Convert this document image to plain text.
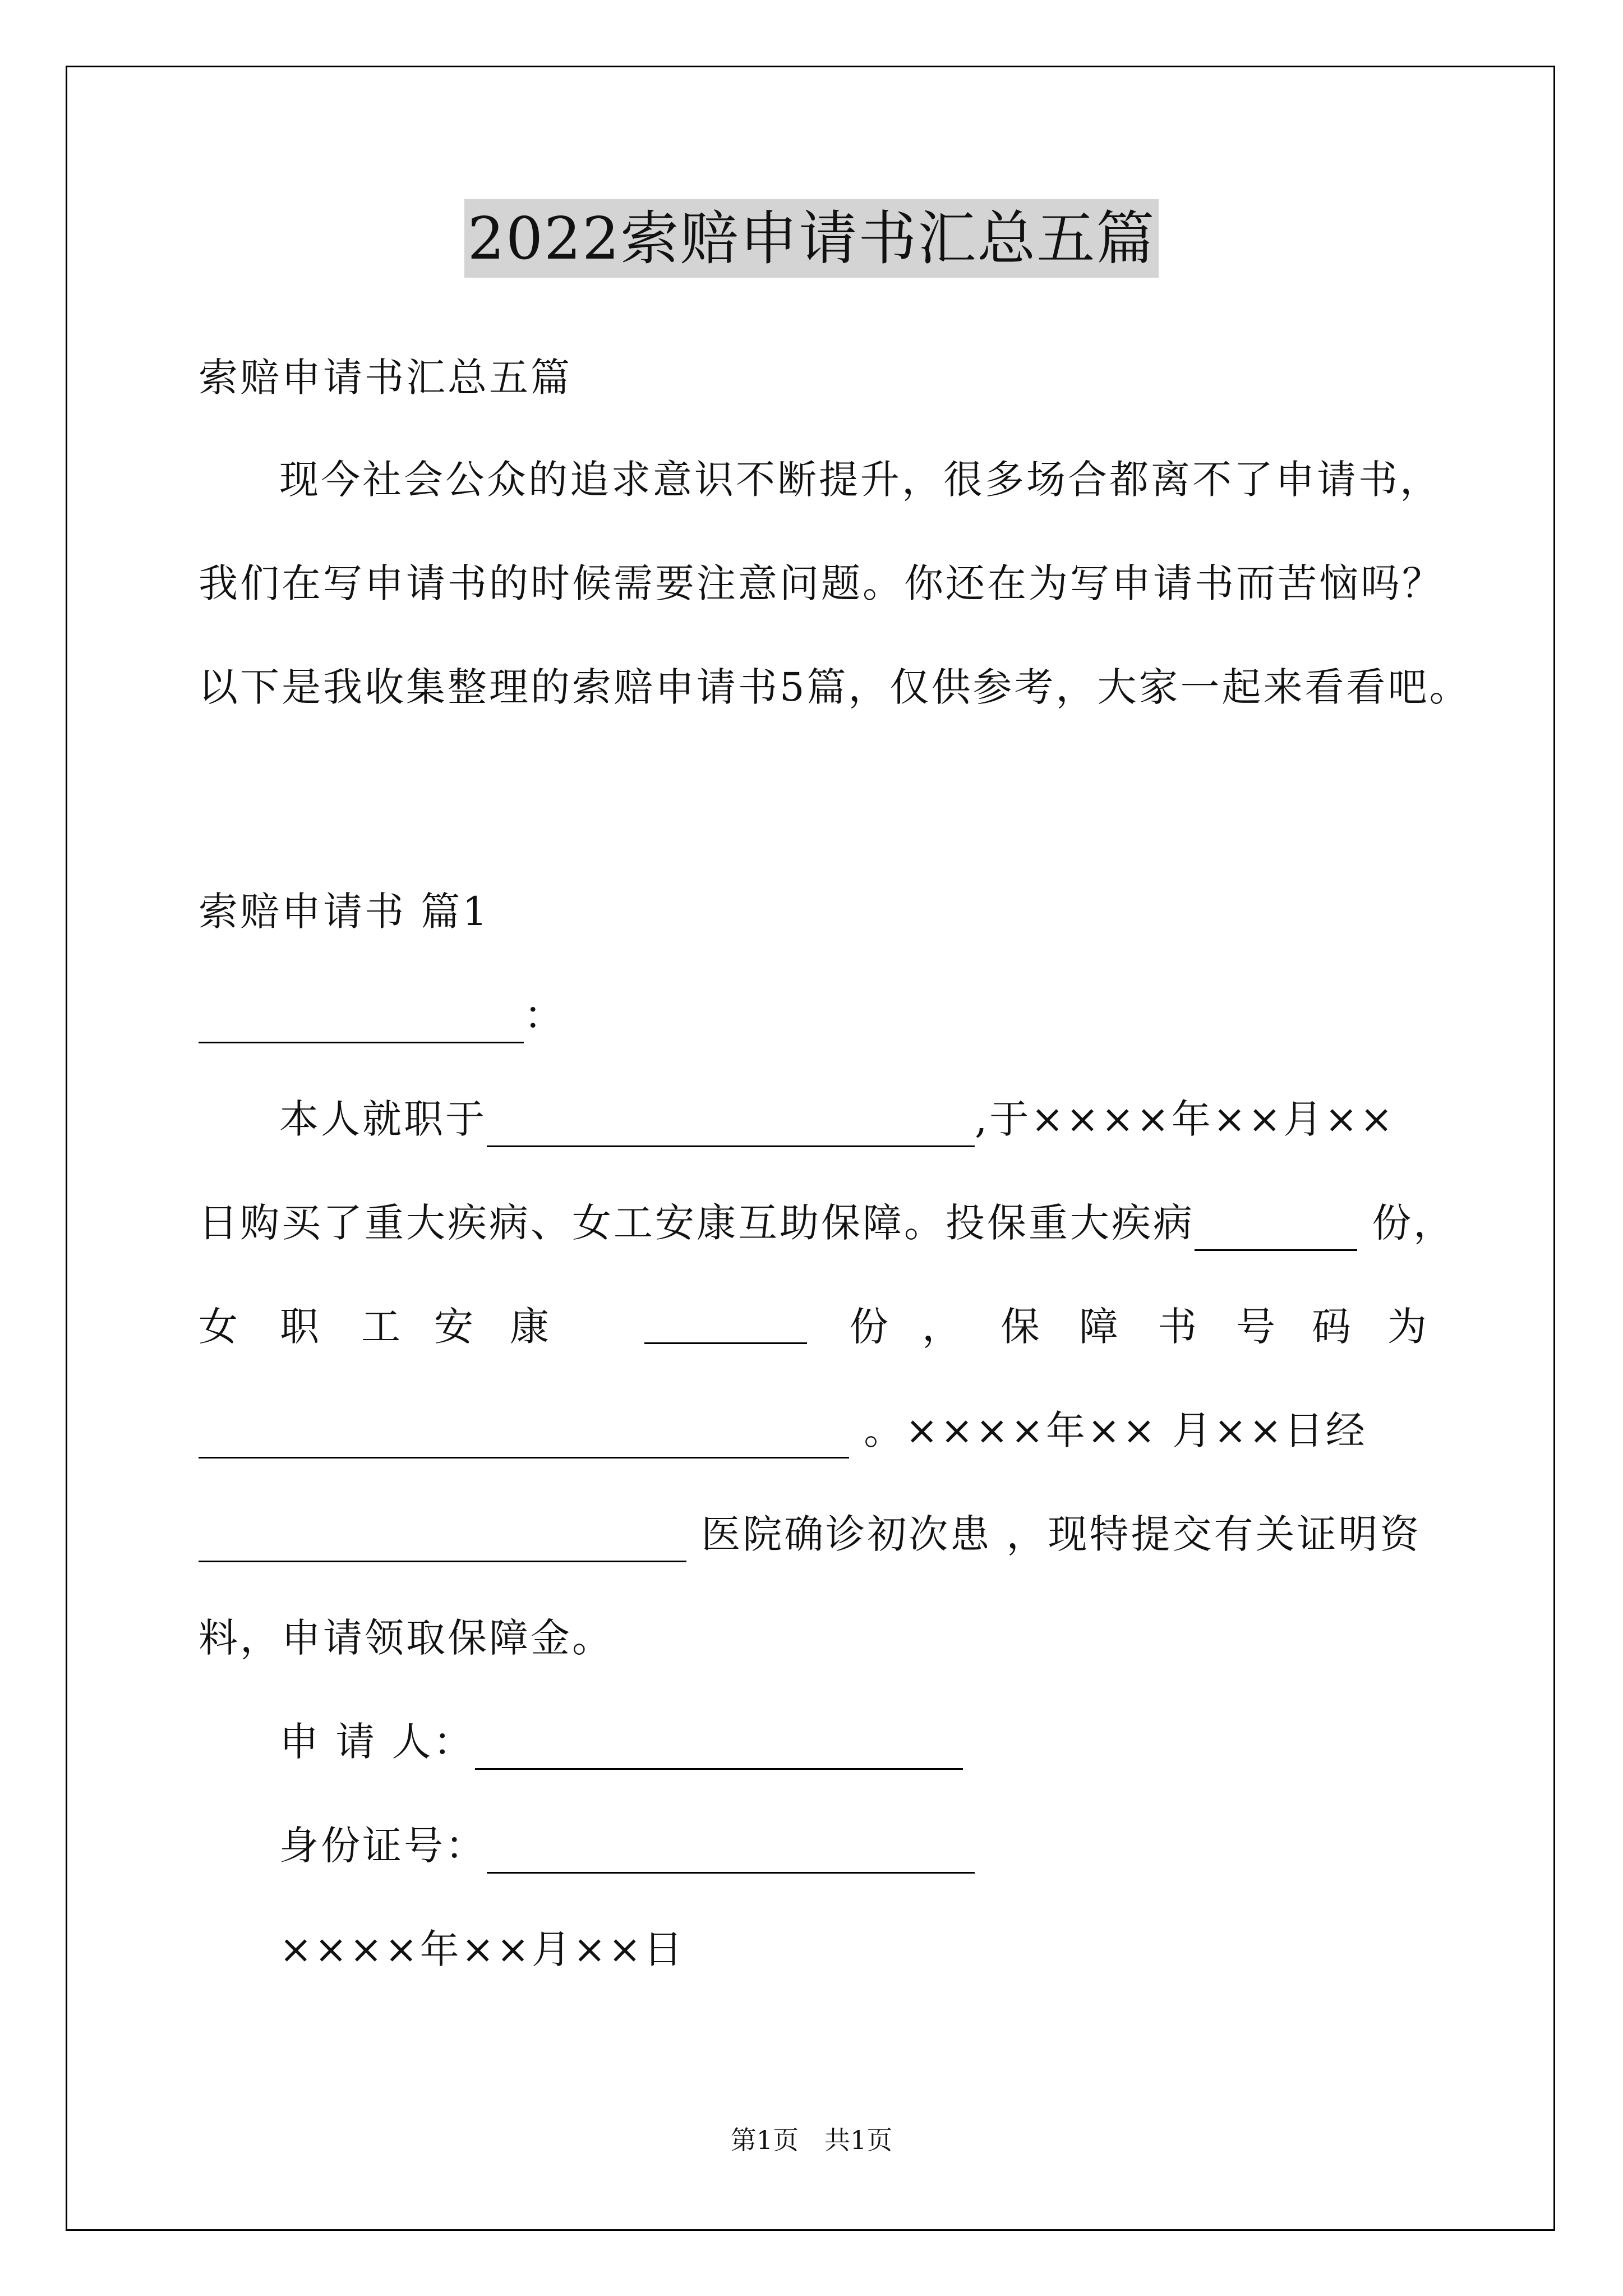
2022索赔申请书汇总五篇
索赔申请书汇总五篇
现今社会公众的追求意识不断提升，很多场合都离不了申请书，
我们在写申请书的时候需要注意问题。你还在为写申请书而苦恼吗？
以下是我收集整理的索赔申请书5篇，仅供参考，大家一起来看看吧。
索赔申请书 篇1
：
本人就职于	,于××××年××月××
日购买了重大疾病、女工安康互助保障。投保重大疾病	份，
女 职 工 安 康	份 ， 保 障 书 号 码 为
。××××年×× 月××日经
医院确诊初次患 ，现特提交有关证明资
料，申请领取保障金。
申 请 人：
身份证号：
××××年××月××日
第1页　共1页
